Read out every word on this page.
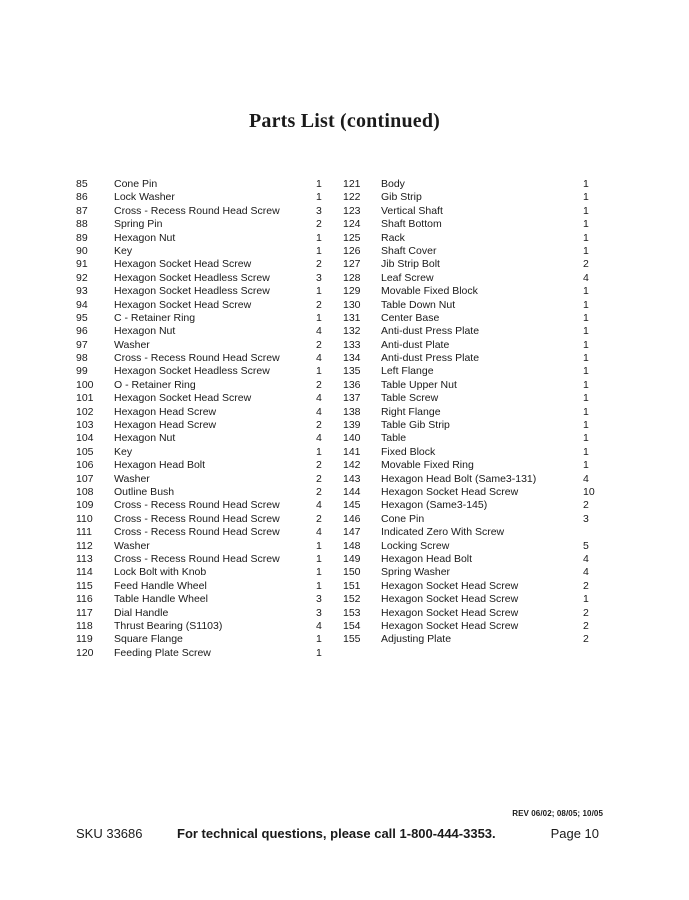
Parts List (continued)
85	Cone Pin	1
86	Lock Washer	1
87	Cross - Recess Round Head Screw	3
88	Spring Pin	2
89	Hexagon Nut	1
90	Key	1
91	Hexagon Socket Head Screw	2
92	Hexagon Socket Headless Screw	3
93	Hexagon Socket Headless Screw	1
94	Hexagon Socket Head Screw	2
95	C - Retainer Ring	1
96	Hexagon Nut	4
97	Washer	2
98	Cross - Recess Round Head Screw	4
99	Hexagon Socket Headless Screw	1
100 O - Retainer Ring	2
101 Hexagon Socket Head Screw	4
102 Hexagon Head Screw	4
103 Hexagon Head Screw	2
104 Hexagon Nut	4
105 Key	1
106 Hexagon Head Bolt	2
107 Washer	2
108 Outline Bush	2
109 Cross - Recess Round Head Screw	4
110 Cross - Recess Round Head Screw	2
111 Cross - Recess Round Head Screw	4
112 Washer	1
113 Cross - Recess Round Head Screw	1
114 Lock Bolt with Knob	1
115 Feed Handle Wheel	1
116 Table Handle Wheel	3
117 Dial Handle	3
118 Thrust Bearing (S1103)	4
119 Square Flange	1
120 Feeding Plate Screw	1
121 Body	1
122 Gib Strip	1
123 Vertical Shaft	1
124 Shaft Bottom	1
125 Rack	1
126 Shaft Cover	1
127 Jib Strip Bolt	2
128 Leaf Screw	4
129 Movable Fixed Block	1
130 Table Down Nut	1
131 Center Base	1
132 Anti-dust Press Plate	1
133 Anti-dust Plate	1
134 Anti-dust Press Plate	1
135 Left Flange	1
136 Table Upper Nut	1
137 Table Screw	1
138 Right Flange	1
139 Table Gib Strip	1
140 Table	1
141 Fixed Block	1
142 Movable Fixed Ring	1
143 Hexagon Head Bolt (Same3-131)	4
144 Hexagon Socket Head Screw	10
145 Hexagon (Same3-145)	2
146 Cone Pin	3
147 Indicated Zero With Screw
148 Locking Screw	5
149 Hexagon Head Bolt	4
150 Spring Washer	4
151 Hexagon Socket Head Screw	2
152 Hexagon Socket Head Screw	1
153 Hexagon Socket Head Screw	2
154 Hexagon Socket Head Screw	2
155 Adjusting Plate	2
REV 06/02; 08/05; 10/05
SKU 33686	For technical questions, please call 1-800-444-3353.	Page 10
